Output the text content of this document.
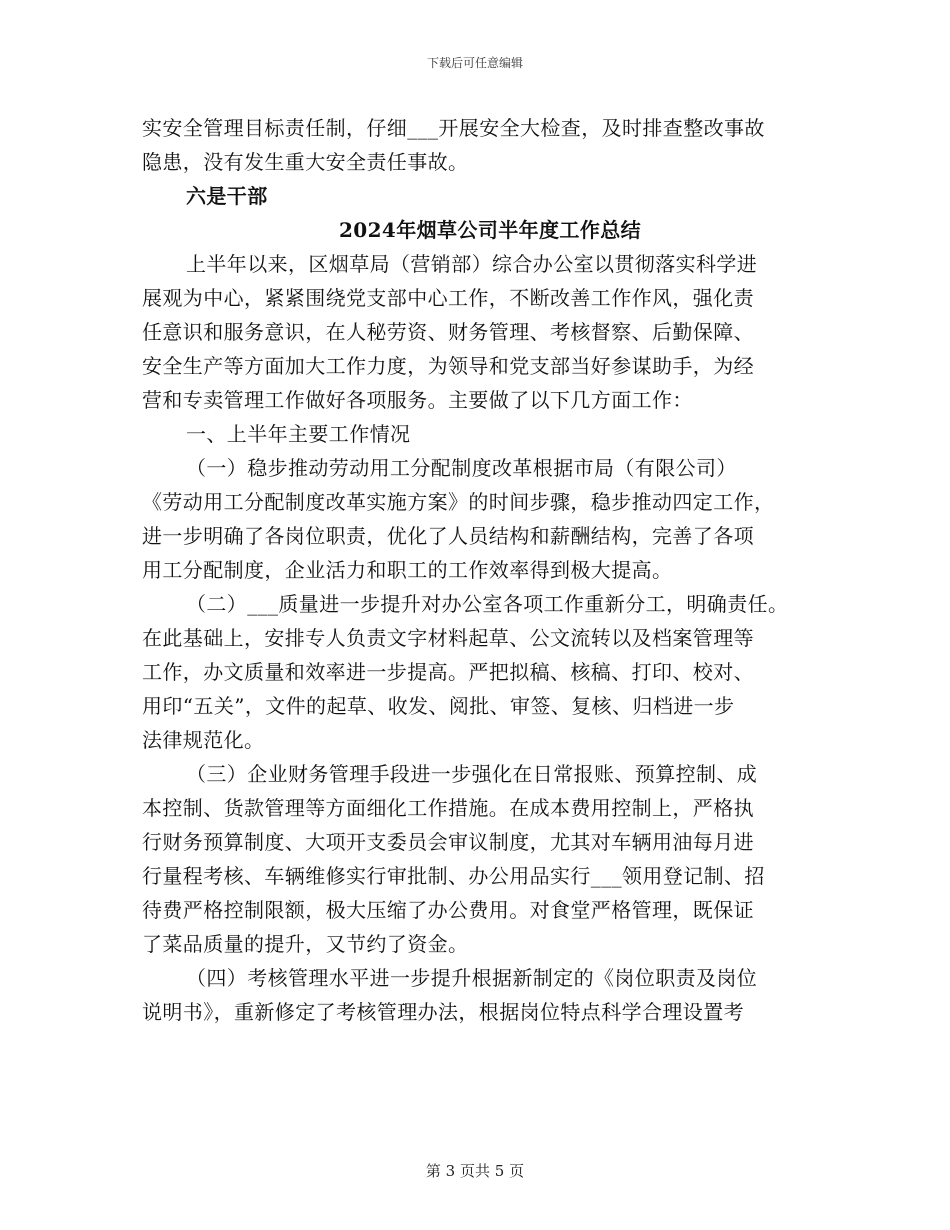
下载后可任意编辑
实安全管理目标责任制，仔细___开展安全大检查，及时排查整改事故
隐患，没有发生重大安全责任事故。
六是干部
2024年烟草公司半年度工作总结
上半年以来，区烟草局（营销部）综合办公室以贯彻落实科学进
展观为中心，紧紧围绕党支部中心工作，不断改善工作作风，强化责
任意识和服务意识，在人秘劳资、财务管理、考核督察、后勤保障、
安全生产等方面加大工作力度，为领导和党支部当好参谋助手，为经
营和专卖管理工作做好各项服务。主要做了以下几方面工作：
一、上半年主要工作情况
（一）稳步推动劳动用工分配制度改革根据市局（有限公司）
《劳动用工分配制度改革实施方案》的时间步骤，稳步推动四定工作，
进一步明确了各岗位职责，优化了人员结构和薪酬结构，完善了各项
用工分配制度，企业活力和职工的工作效率得到极大提高。
（二）___质量进一步提升对办公室各项工作重新分工，明确责任。
在此基础上，安排专人负责文字材料起草、公文流转以及档案管理等
工作，办文质量和效率进一步提高。严把拟稿、核稿、打印、校对、
用印“五关”，文件的起草、收发、阅批、审签、复核、归档进一步
法律规范化。
（三）企业财务管理手段进一步强化在日常报账、预算控制、成
本控制、货款管理等方面细化工作措施。在成本费用控制上，严格执
行财务预算制度、大项开支委员会审议制度，尤其对车辆用油每月进
行量程考核、车辆维修实行审批制、办公用品实行___领用登记制、招
待费严格控制限额，极大压缩了办公费用。对食堂严格管理，既保证
了菜品质量的提升，又节约了资金。
（四）考核管理水平进一步提升根据新制定的《岗位职责及岗位
说明书》，重新修定了考核管理办法，根据岗位特点科学合理设置考
第 3 页共 5 页
